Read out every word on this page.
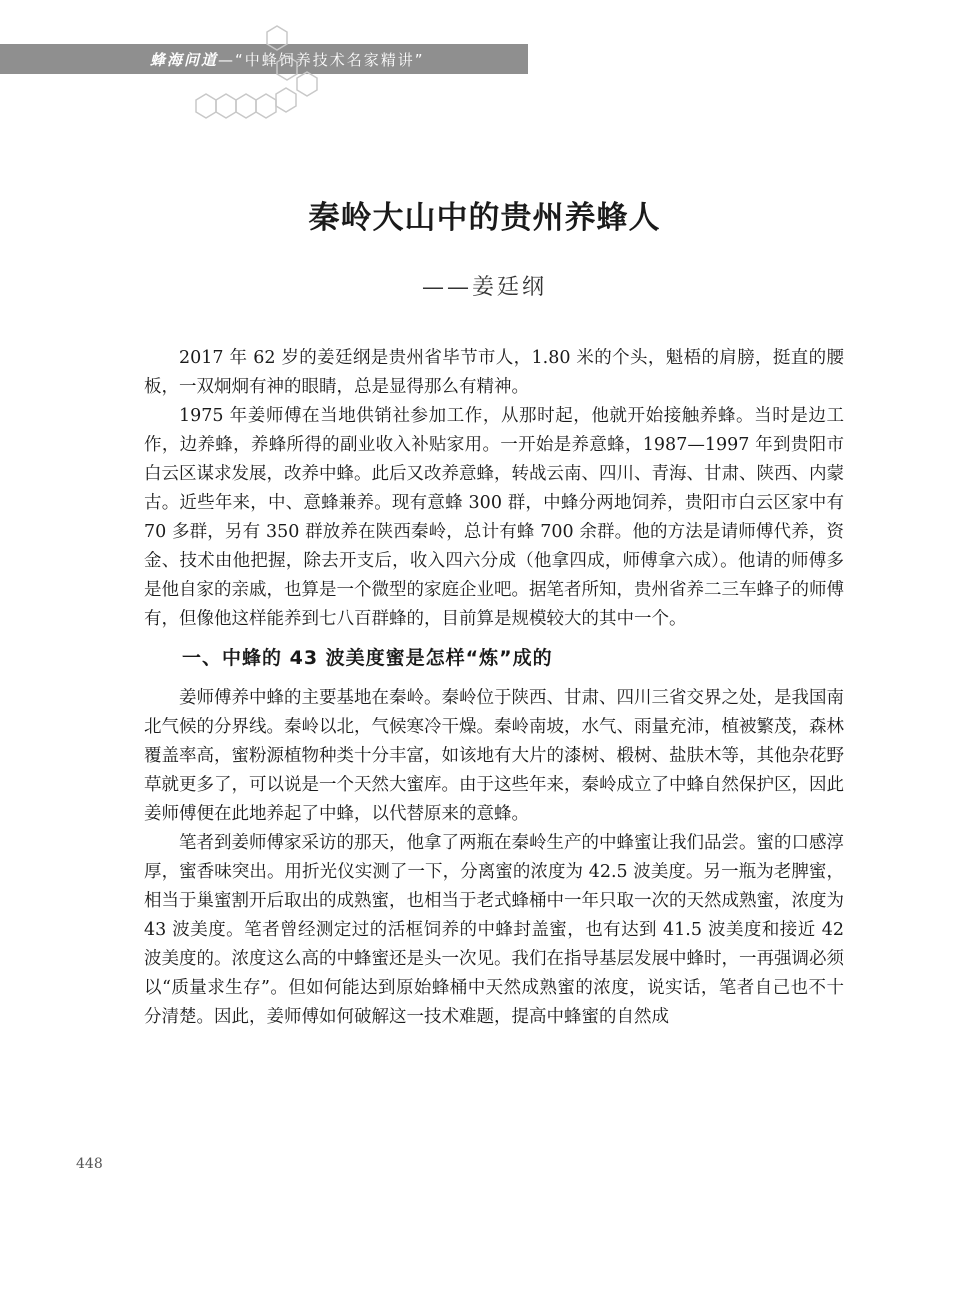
蜂海问道—“中蜂饲养技术名家精讲”
秦岭大山中的贵州养蜂人
——姜廷纲

2017 年 62 岁的姜廷纲是贵州省毕节市人，1.80 米的个头，魁梧的肩膀，挺直的腰板，一双炯炯有神的眼睛，总是显得那么有精神。

1975 年姜师傅在当地供销社参加工作，从那时起，他就开始接触养蜂。当时是边工作，边养蜂，养蜂所得的副业收入补贴家用。一开始是养意蜂，1987—1997 年到贵阳市白云区谋求发展，改养中蜂。此后又改养意蜂，转战云南、四川、青海、甘肃、陕西、内蒙古。近些年来，中、意蜂兼养。现有意蜂 300 群，中蜂分两地饲养，贵阳市白云区家中有 70 多群，另有 350 群放养在陕西秦岭，总计有蜂 700 余群。他的方法是请师傅代养，资金、技术由他把握，除去开支后，收入四六分成（他拿四成，师傅拿六成）。他请的师傅多是他自家的亲戚，也算是一个微型的家庭企业吧。据笔者所知，贵州省养二三车蜂子的师傅有，但像他这样能养到七八百群蜂的，目前算是规模较大的其中一个。

一、中蜂的 43 波美度蜜是怎样“炼”成的

姜师傅养中蜂的主要基地在秦岭。秦岭位于陕西、甘肃、四川三省交界之处，是我国南北气候的分界线。秦岭以北，气候寒冷干燥。秦岭南坡，水气、雨量充沛，植被繁茂，森林覆盖率高，蜜粉源植物种类十分丰富，如该地有大片的漆树、椴树、盐肤木等，其他杂花野草就更多了，可以说是一个天然大蜜库。由于这些年来，秦岭成立了中蜂自然保护区，因此姜师傅便在此地养起了中蜂，以代替原来的意蜂。

笔者到姜师傅家采访的那天，他拿了两瓶在秦岭生产的中蜂蜜让我们品尝。蜜的口感淳厚，蜜香味突出。用折光仪实测了一下，分离蜜的浓度为 42.5 波美度。另一瓶为老脾蜜，相当于巢蜜割开后取出的成熟蜜，也相当于老式蜂桶中一年只取一次的天然成熟蜜，浓度为 43 波美度。笔者曾经测定过的活框饲养的中蜂封盖蜜，也有达到 41.5 波美度和接近 42 波美度的。浓度这么高的中蜂蜜还是头一次见。我们在指导基层发展中蜂时，一再强调必须以“质量求生存”。但如何能达到原始蜂桶中天然成熟蜜的浓度，说实话，笔者自己也不十分清楚。因此，姜师傅如何破解这一技术难题，提高中蜂蜜的自然成

448
